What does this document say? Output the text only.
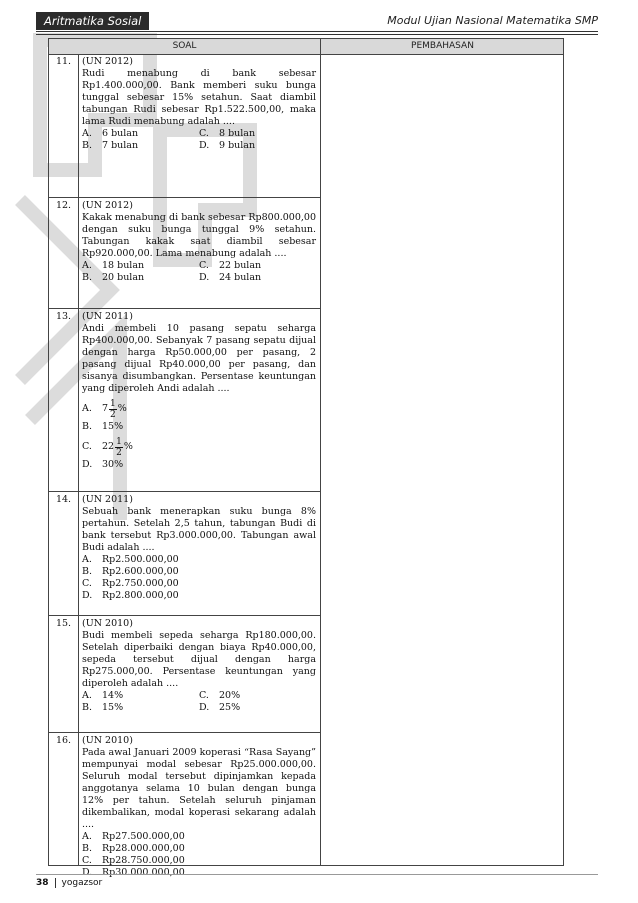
Aritmatika Sosial	Modul Ujian Nasional Matematika SMP
SOAL	PEMBAHASAN
11.	(UN 2012)
Rudi menabung di bank sebesar Rp1.400.000,00. Bank memberi suku bunga tunggal sebesar 15% setahun. Saat diambil tabungan Rudi sebesar Rp1.522.500,00, maka lama Rudi menabung adalah ....
A.	6 bulan	C.	8 bulan
B.	7 bulan	D.	9 bulan
12.	(UN 2012)
Kakak menabung di bank sebesar Rp800.000,00 dengan suku bunga tunggal 9% setahun. Tabungan kakak saat diambil sebesar Rp920.000,00. Lama menabung adalah ....
A.	18 bulan	C.	22 bulan
B.	20 bulan	D.	24 bulan
13.	(UN 2011)
Andi membeli 10 pasang sepatu seharga Rp400.000,00. Sebanyak 7 pasang sepatu dijual dengan harga Rp50.000,00 per pasang, 2 pasang dijual Rp40.000,00 per pasang, dan sisanya disumbangkan. Persentase keuntungan yang diperoleh Andi adalah ....
A.	$7 \frac{1}{2}$ %
B.	15%
C.	$22 \frac{1}{2}$ %
D.	30%
14.	(UN 2011)
Sebuah bank menerapkan suku bunga 8% pertahun. Setelah 2,5 tahun, tabungan Budi di bank tersebut Rp3.000.000,00. Tabungan awal Budi adalah ....
A.	Rp2.500.000,00
B.	Rp2.600.000,00
C.	Rp2.750.000,00
D.	Rp2.800.000,00
15.	(UN 2010)
Budi membeli sepeda seharga Rp180.000,00. Setelah diperbaiki dengan biaya Rp40.000,00, sepeda tersebut dijual dengan harga Rp275.000,00. Persentase keuntungan yang diperoleh adalah ....
A.	14%	C.	20%
B.	15%	D.	25%
16.	(UN 2010)
Pada awal Januari 2009 koperasi “Rasa Sayang” mempunyai modal sebesar Rp25.000.000,00. Seluruh modal tersebut dipinjamkan kepada anggotanya selama 10 bulan dengan bunga 12% per tahun. Setelah seluruh pinjaman dikembalikan, modal koperasi sekarang adalah ....
A.	Rp27.500.000,00
B.	Rp28.000.000,00
C.	Rp28.750.000,00
D.	Rp30.000.000,00
38 yogazsor
